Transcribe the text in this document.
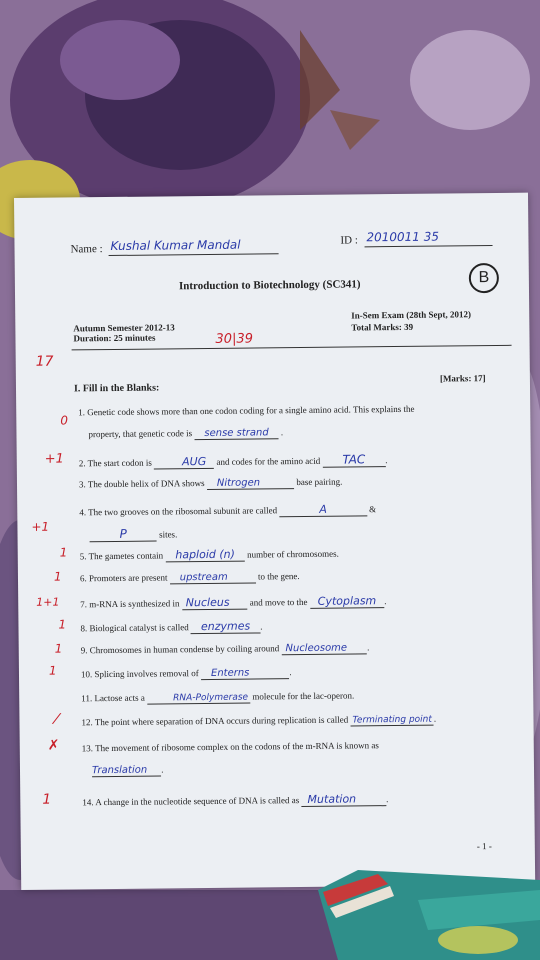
Name : Kushal Kumar Mandal	ID : 2010011 35
B
Introduction to Biotechnology (SC341)
Autumn Semester 2012-13
Duration: 25 minutes
In-Sem Exam (28th Sept, 2012)
Total Marks: 39
30|39
17
I. Fill in the Blanks:
[Marks: 17]
1. Genetic code shows more than one codon coding for a single amino acid. This explains the
property, that genetic code is sense strand .
0
2. The start codon is	AUG and codes for the amino acid TAC .
+1
3. The double helix of DNA shows Nitrogen	base pairing.
4. The two grooves on the ribosomal subunit are called	A	&
P	sites.
+1
5. The gametes contain haploid (n) number of chromosomes.
1
6. Promoters are present upstream	to the gene.
1
7. m-RNA is synthesized in Nucleus and move to the Cytoplasm .
1+1
8. Biological catalyst is called enzymes .
1
9. Chromosomes in human condense by coiling around Nucleosome .
1
10. Splicing involves removal of Enterns	.
1
11. Lactose acts a	RNA-Polymerase molecule for the lac-operon.
12. The point where separation of DNA occurs during replication is called Terminating point .
⁄
13. The movement of ribosome complex on the codons of the m-RNA is known as
Translation .
✗
14. A change in the nucleotide sequence of DNA is called as Mutation	.
1
- 1 -
